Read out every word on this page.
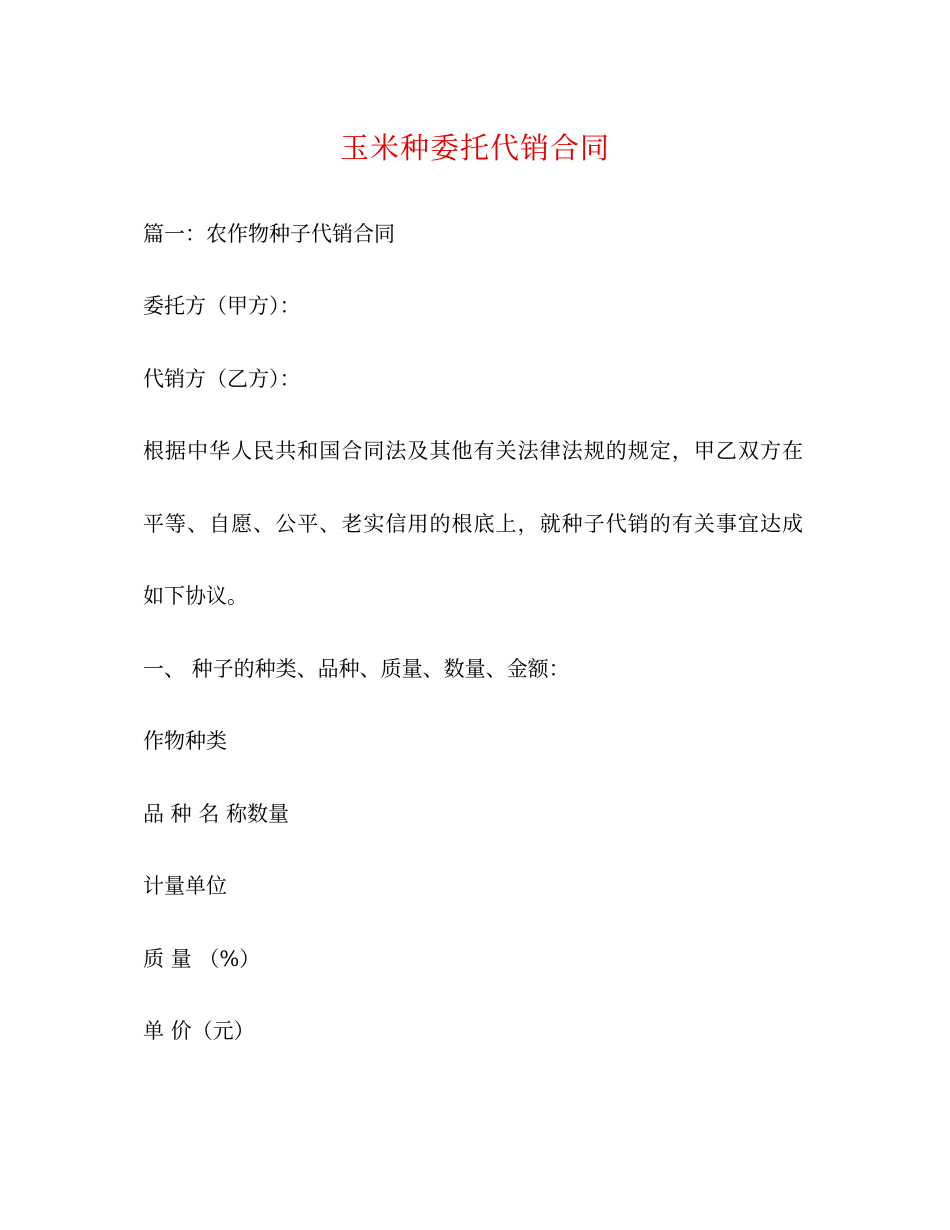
玉米种委托代销合同
篇一：农作物种子代销合同
委托方（甲方）：
代销方（乙方）：
根据中华人民共和国合同法及其他有关法律法规的规定，甲乙双方在
平等、自愿、公平、老实信用的根底上，就种子代销的有关事宜达成
如下协议。
一、 种子的种类、品种、质量、数量、金额：
作物种类
品 种 名 称数量
计量单位
质 量 （%）
单 价（元）
